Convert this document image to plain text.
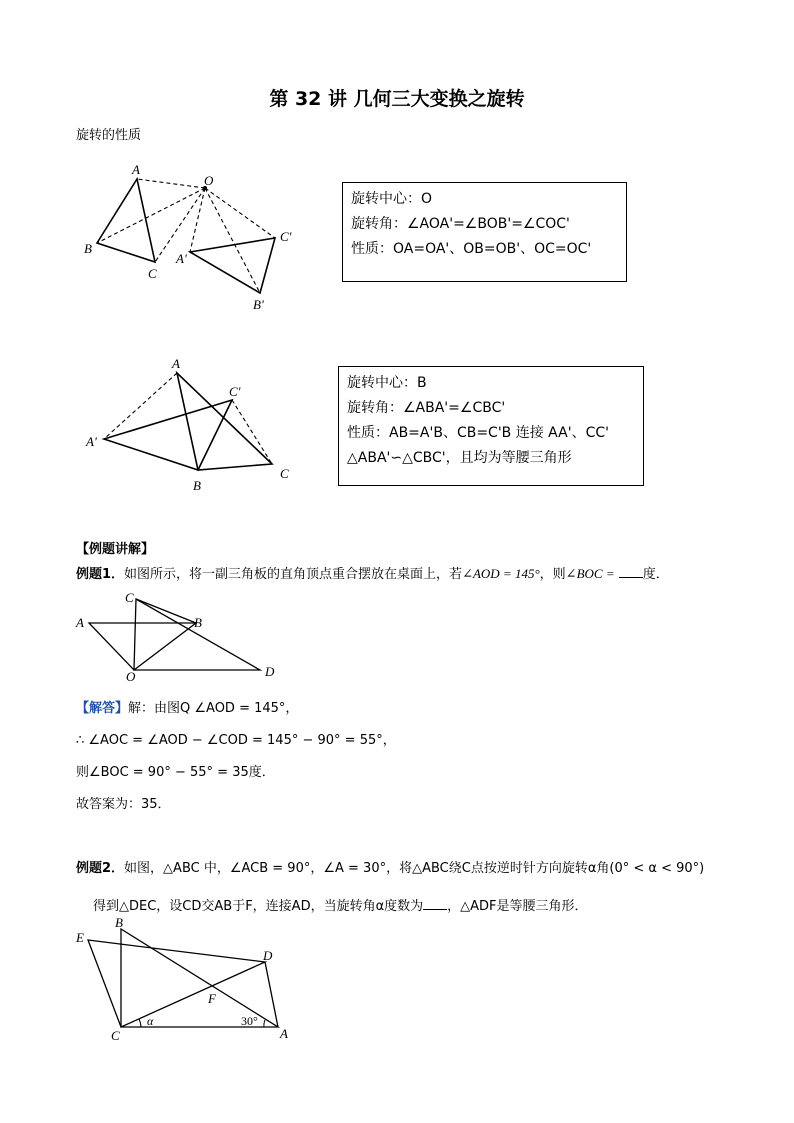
第 32 讲 几何三大变换之旋转
旋转的性质
A
B
C
O
A'
B'
C'
旋转中心：O
旋转角：∠AOA'=∠BOB'=∠COC'
性质：OA=OA'、OB=OB'、OC=OC'
A
B
C
A'
C'
旋转中心：B
旋转角：∠ABA'=∠CBC'
性质：AB=A'B、CB=C'B 连接 AA'、CC'
△ABA'∽△CBC'，且均为等腰三角形
【例题讲解】
例题1．如图所示，将一副三角板的直角顶点重合摆放在桌面上，若∠AOD = 145°，则∠BOC = 度．
A	B
C
D
O
【解答】解：由图Q ∠AOD = 145°，
∴ ∠AOC = ∠AOD − ∠COD = 145° − 90° = 55°，
则∠BOC = 90° − 55° = 35度．
故答案为：35．
例题2．如图，△ABC 中，∠ACB = 90°，∠A = 30°，将△ABC绕C点按逆时针方向旋转α角(0° < α < 90°)
得到△DEC，设CD交AB于F，连接AD，当旋转角α度数为 ，△ADF是等腰三角形．
B
E
D
F
C	A
α	30°
